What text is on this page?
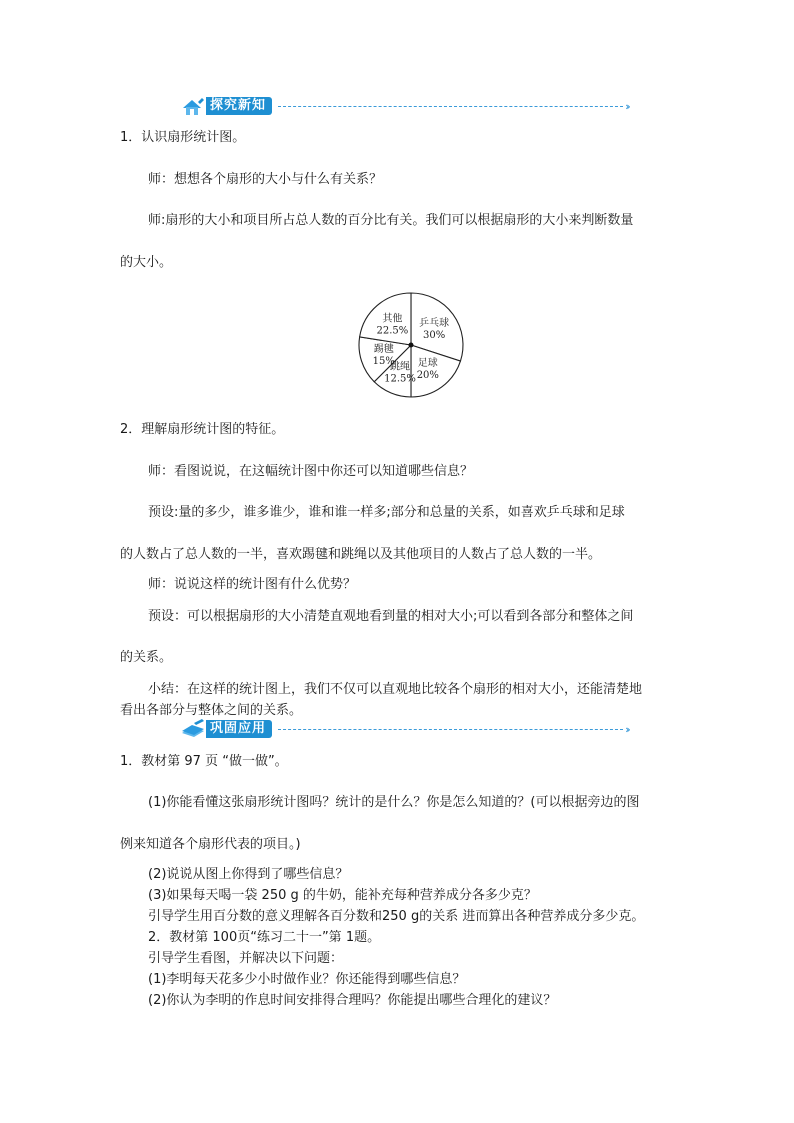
探究新知	››
1．认识扇形统计图。
师：想想各个扇形的大小与什么有关系？
师:扇形的大小和项目所占总人数的百分比有关。我们可以根据扇形的大小来判断数量
的大小。
乒乓球
30%
足球
20%
跳绳
12.5%
踢毽
15%
其他
22.5%
2．理解扇形统计图的特征。
师：看图说说，在这幅统计图中你还可以知道哪些信息？
预设:量的多少，谁多谁少，谁和谁一样多;部分和总量的关系，如喜欢乒乓球和足球
的人数占了总人数的一半，喜欢踢毽和跳绳以及其他项目的人数占了总人数的一半。
师：说说这样的统计图有什么优势？
预设：可以根据扇形的大小清楚直观地看到量的相对大小;可以看到各部分和整体之间
的关系。
小结：在这样的统计图上，我们不仅可以直观地比较各个扇形的相对大小，还能清楚地
看出各部分与整体之间的关系。
巩固应用	››
1．教材第 97 页 “做一做”。
(1)你能看懂这张扇形统计图吗？统计的是什么？你是怎么知道的？(可以根据旁边的图
例来知道各个扇形代表的项目。)
(2)说说从图上你得到了哪些信息？
(3)如果每天喝一袋 250 g 的牛奶，能补充每种营养成分各多少克？
引导学生用百分数的意义理解各百分数和250 g的关系 进而算出各种营养成分多少克。
2．教材第 100页“练习二十一”第 1题。
引导学生看图，并解决以下问题：
(1)李明每天花多少小时做作业？你还能得到哪些信息？
(2)你认为李明的作息时间安排得合理吗？你能提出哪些合理化的建议？
